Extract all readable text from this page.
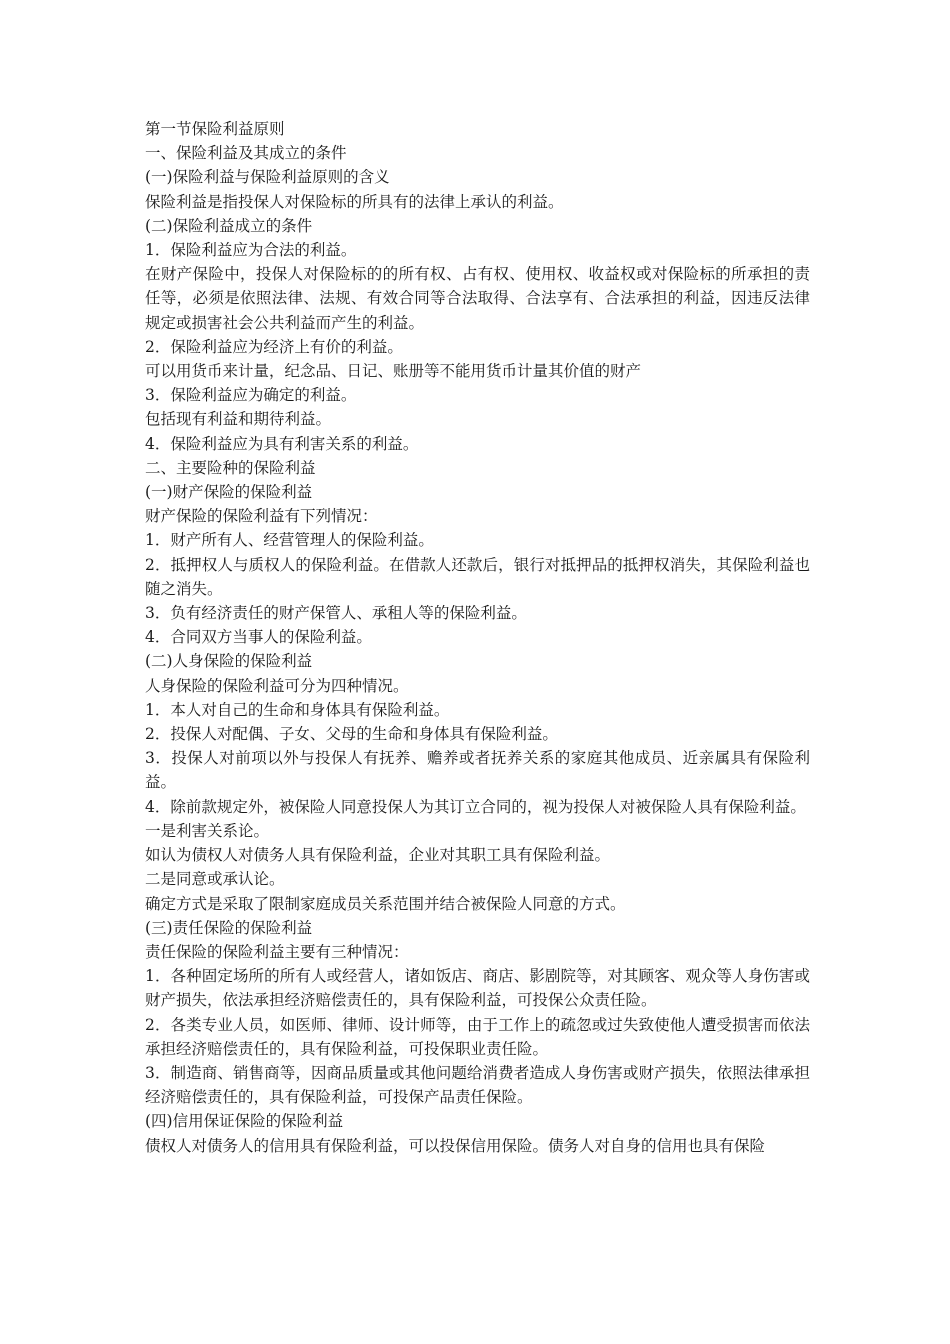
第一节保险利益原则
一、保险利益及其成立的条件
(一)保险利益与保险利益原则的含义
保险利益是指投保人对保险标的所具有的法律上承认的利益。
(二)保险利益成立的条件
1．保险利益应为合法的利益。
在财产保险中，投保人对保险标的的所有权、占有权、使用权、收益权或对保险标的所承担的责任等，必须是依照法律、法规、有效合同等合法取得、合法享有、合法承担的利益，因违反法律规定或损害社会公共利益而产生的利益。
2．保险利益应为经济上有价的利益。
可以用货币来计量，纪念品、日记、账册等不能用货币计量其价值的财产
3．保险利益应为确定的利益。
包括现有利益和期待利益。
4．保险利益应为具有利害关系的利益。
二、主要险种的保险利益
(一)财产保险的保险利益
财产保险的保险利益有下列情况：
1．财产所有人、经营管理人的保险利益。
2．抵押权人与质权人的保险利益。在借款人还款后，银行对抵押品的抵押权消失，其保险利益也随之消失。
3．负有经济责任的财产保管人、承租人等的保险利益。
4．合同双方当事人的保险利益。
(二)人身保险的保险利益
人身保险的保险利益可分为四种情况。
1．本人对自己的生命和身体具有保险利益。
2．投保人对配偶、子女、父母的生命和身体具有保险利益。
3．投保人对前项以外与投保人有抚养、赡养或者抚养关系的家庭其他成员、近亲属具有保险利益。
4．除前款规定外，被保险人同意投保人为其订立合同的，视为投保人对被保险人具有保险利益。
一是利害关系论。
如认为债权人对债务人具有保险利益，企业对其职工具有保险利益。
二是同意或承认论。
确定方式是采取了限制家庭成员关系范围并结合被保险人同意的方式。
(三)责任保险的保险利益
责任保险的保险利益主要有三种情况：
1．各种固定场所的所有人或经营人，诸如饭店、商店、影剧院等，对其顾客、观众等人身伤害或财产损失，依法承担经济赔偿责任的，具有保险利益，可投保公众责任险。
2．各类专业人员，如医师、律师、设计师等，由于工作上的疏忽或过失致使他人遭受损害而依法承担经济赔偿责任的，具有保险利益，可投保职业责任险。
3．制造商、销售商等，因商品质量或其他问题给消费者造成人身伤害或财产损失，依照法律承担经济赔偿责任的，具有保险利益，可投保产品责任保险。
(四)信用保证保险的保险利益
债权人对债务人的信用具有保险利益，可以投保信用保险。债务人对自身的信用也具有保险
